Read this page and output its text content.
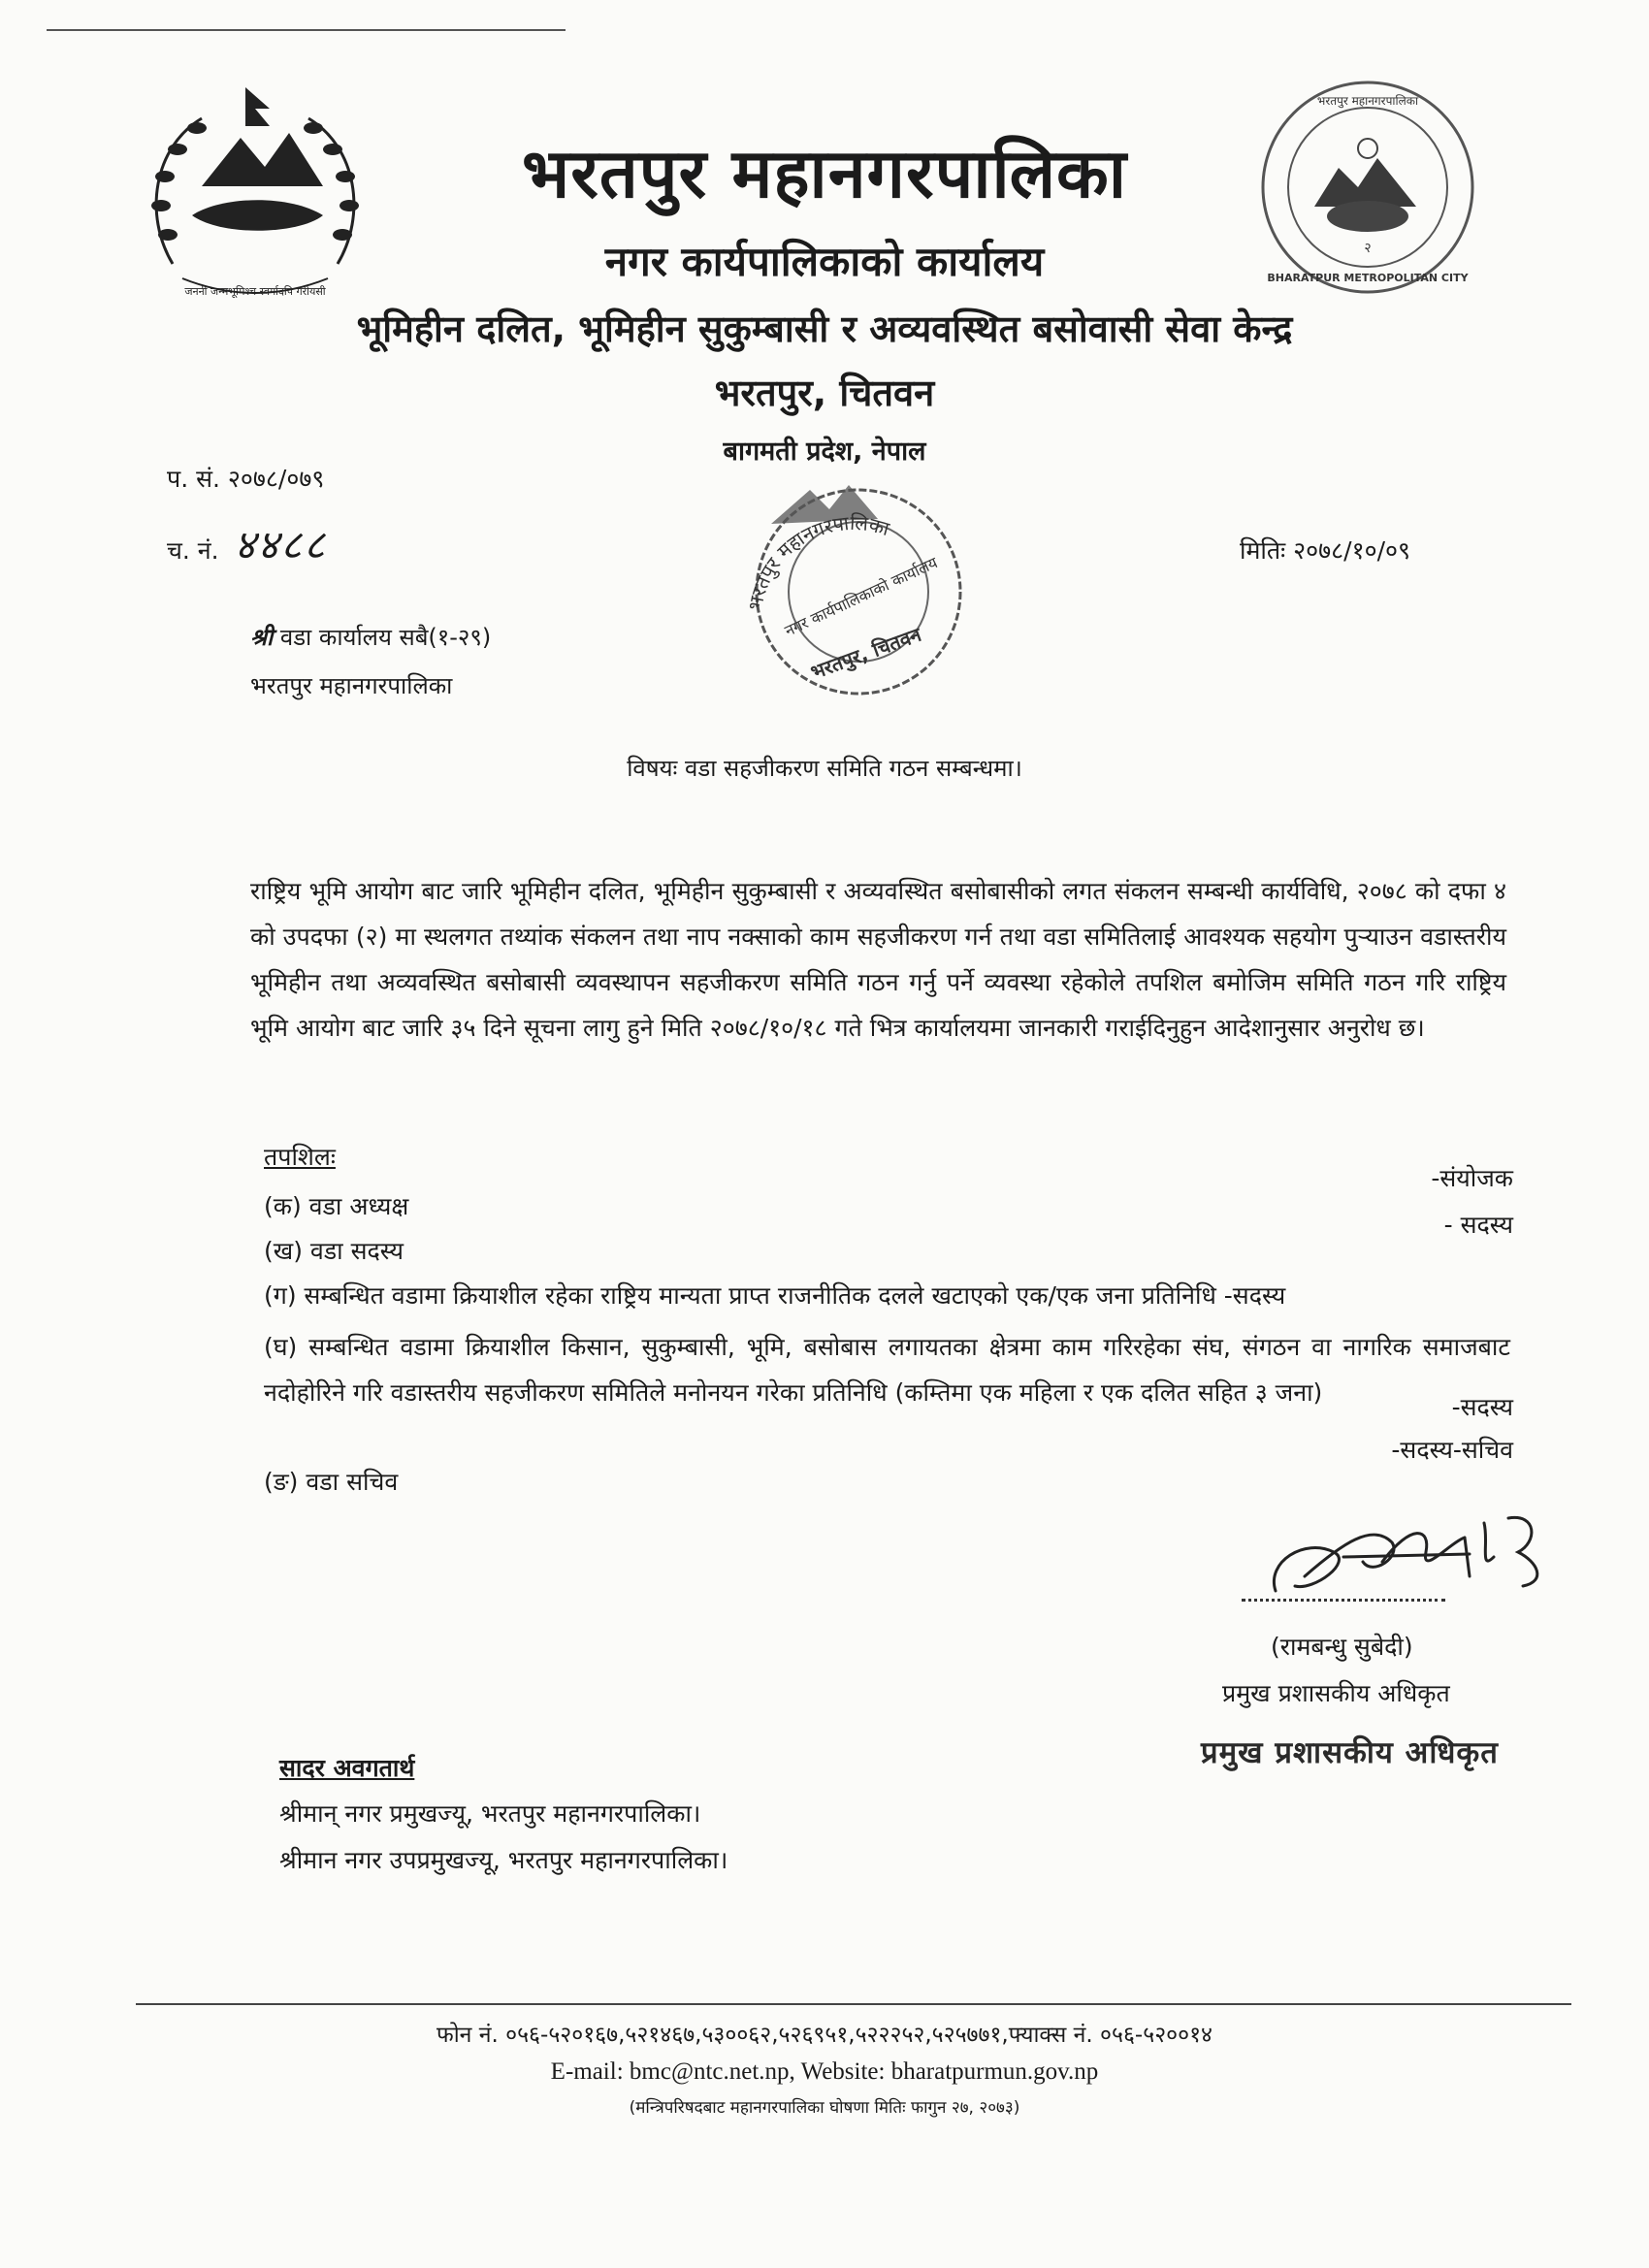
जननी जन्मभूमिश्च स्वर्गादपि गरीयसी
२
भरतपुर महानगरपालिका
BHARATPUR METROPOLITAN CITY
भरतपुर महानगरपालिका
नगर कार्यपालिकाको कार्यालय
भूमिहीन दलित, भूमिहीन सुकुम्बासी र अव्यवस्थित बसोवासी सेवा केन्द्र
भरतपुर, चितवन
बागमती प्रदेश, नेपाल
प. सं. २०७८/०७९
च. नं. ४४८८	मितिः २०७८/१०/०९
भरतपुर महानगरपालिका
नगर कार्यपालिकाको कार्यालय
भरतपुर, चितवन
श्री वडा कार्यालय सबै(१-२९)
भरतपुर महानगरपालिका
विषयः वडा सहजीकरण समिति गठन सम्बन्धमा।
राष्ट्रिय भूमि आयोग बाट जारि भूमिहीन दलित, भूमिहीन सुकुम्बासी र अव्यवस्थित बसोबासीको लगत संकलन सम्बन्धी कार्यविधि, २०७८ को दफा ४ को उपदफा (२) मा स्थलगत तथ्यांक संकलन तथा नाप नक्साको काम सहजीकरण गर्न तथा वडा समितिलाई आवश्यक सहयोग पुऱ्याउन वडास्तरीय भूमिहीन तथा अव्यवस्थित बसोबासी व्यवस्थापन सहजीकरण समिति गठन गर्नु पर्ने व्यवस्था रहेकोले तपशिल बमोजिम समिति गठन गरि राष्ट्रिय भूमि आयोग बाट जारि ३५ दिने सूचना लागु हुने मिति २०७८/१०/१८ गते भित्र कार्यालयमा जानकारी गराईदिनुहुन आदेशानुसार अनुरोध छ।
तपशिलः
(क) वडा अध्यक्ष
-संयोजक
(ख) वडा सदस्य
- सदस्य
(ग) सम्बन्धित वडामा क्रियाशील रहेका राष्ट्रिय मान्यता प्राप्त राजनीतिक दलले खटाएको एक/एक जना प्रतिनिधि -सदस्य
(घ) सम्बन्धित वडामा क्रियाशील किसान, सुकुम्बासी, भूमि, बसोबास लगायतका क्षेत्रमा काम गरिरहेका संघ, संगठन वा नागरिक समाजबाट नदोहोरिने गरि वडास्तरीय सहजीकरण समितिले मनोनयन गरेका प्रतिनिधि (कम्तिमा एक महिला र एक दलित सहित ३ जना)
-सदस्य
(ङ) वडा सचिव
-सदस्य-सचिव
(रामबन्धु सुबेदी)
प्रमुख प्रशासकीय अधिकृत
प्रमुख प्रशासकीय अधिकृत
सादर अवगतार्थ
श्रीमान् नगर प्रमुखज्यू, भरतपुर महानगरपालिका।
श्रीमान नगर उपप्रमुखज्यू, भरतपुर महानगरपालिका।
फोन नं. ०५६-५२०१६७,५२१४६७,५३००६२,५२६९५१,५२२२५२,५२५७७१,फ्याक्स नं. ०५६-५२००१४
E-mail: bmc@ntc.net.np, Website: bharatpurmun.gov.np
(मन्त्रिपरिषदबाट महानगरपालिका घोषणा मितिः फागुन २७, २०७३)
